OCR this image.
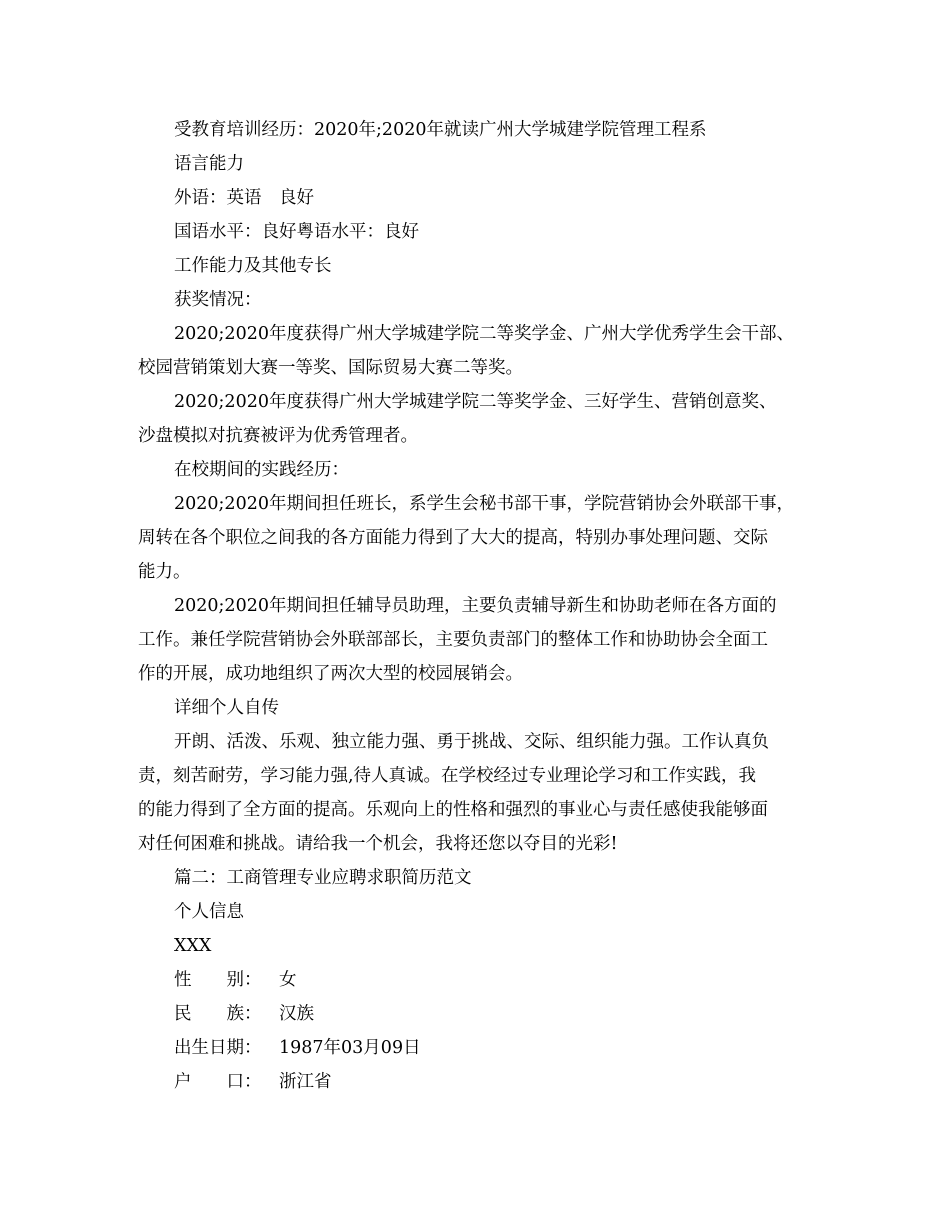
受教育培训经历：2020年;2020年就读广州大学城建学院管理工程系
语言能力
外语：英语　良好
国语水平：良好粤语水平：良好
工作能力及其他专长
获奖情况：
2020;2020年度获得广州大学城建学院二等奖学金、广州大学优秀学生会干部、
校园营销策划大赛一等奖、国际贸易大赛二等奖。
2020;2020年度获得广州大学城建学院二等奖学金、三好学生、营销创意奖、
沙盘模拟对抗赛被评为优秀管理者。
在校期间的实践经历：
2020;2020年期间担任班长，系学生会秘书部干事，学院营销协会外联部干事，
周转在各个职位之间我的各方面能力得到了大大的提高，特别办事处理问题、交际
能力。
2020;2020年期间担任辅导员助理，主要负责辅导新生和协助老师在各方面的
工作。兼任学院营销协会外联部部长，主要负责部门的整体工作和协助协会全面工
作的开展，成功地组织了两次大型的校园展销会。
详细个人自传
开朗、活泼、乐观、独立能力强、勇于挑战、交际、组织能力强。工作认真负
责，刻苦耐劳，学习能力强,待人真诚。在学校经过专业理论学习和工作实践，我
的能力得到了全方面的提高。乐观向上的性格和强烈的事业心与责任感使我能够面
对任何困难和挑战。请给我一个机会，我将还您以夺目的光彩!
篇二：工商管理专业应聘求职简历范文
个人信息
XXX
性　　别： 女
民　　族： 汉族
出生日期： 1987年03月09日
户　　口： 浙江省
